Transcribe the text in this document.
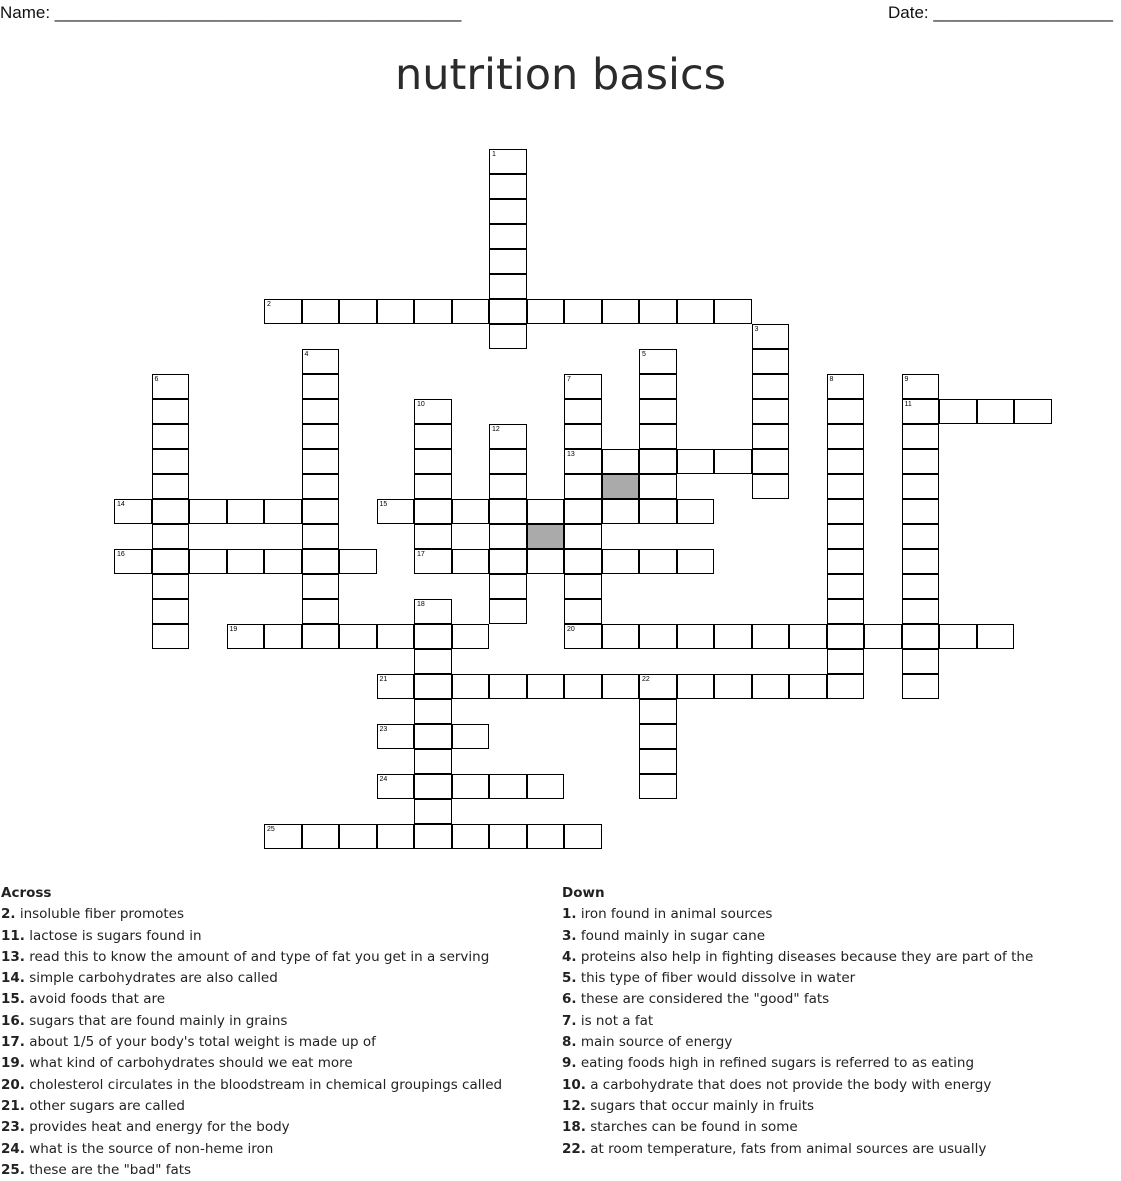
Name: ___________________________________________	Date: ___________________
nutrition basics
1
2
3
4	5
6	7
13
8	9
11
10
12
14	15
16	17
18
19	20
21	22
23
24
25
Across
2. insoluble fiber promotes
11. lactose is sugars found in
13. read this to know the amount of and type of fat you get in a serving
14. simple carbohydrates are also called
15. avoid foods that are
16. sugars that are found mainly in grains
17. about 1/5 of your body's total weight is made up of
19. what kind of carbohydrates should we eat more
20. cholesterol circulates in the bloodstream in chemical groupings called
21. other sugars are called
23. provides heat and energy for the body
24. what is the source of non-heme iron
25. these are the "bad" fats
Down
1. iron found in animal sources
3. found mainly in sugar cane
4. proteins also help in fighting diseases because they are part of the
5. this type of fiber would dissolve in water
6. these are considered the "good" fats
7. is not a fat
8. main source of energy
9. eating foods high in refined sugars is referred to as eating
10. a carbohydrate that does not provide the body with energy
12. sugars that occur mainly in fruits
18. starches can be found in some
22. at room temperature, fats from animal sources are usually
